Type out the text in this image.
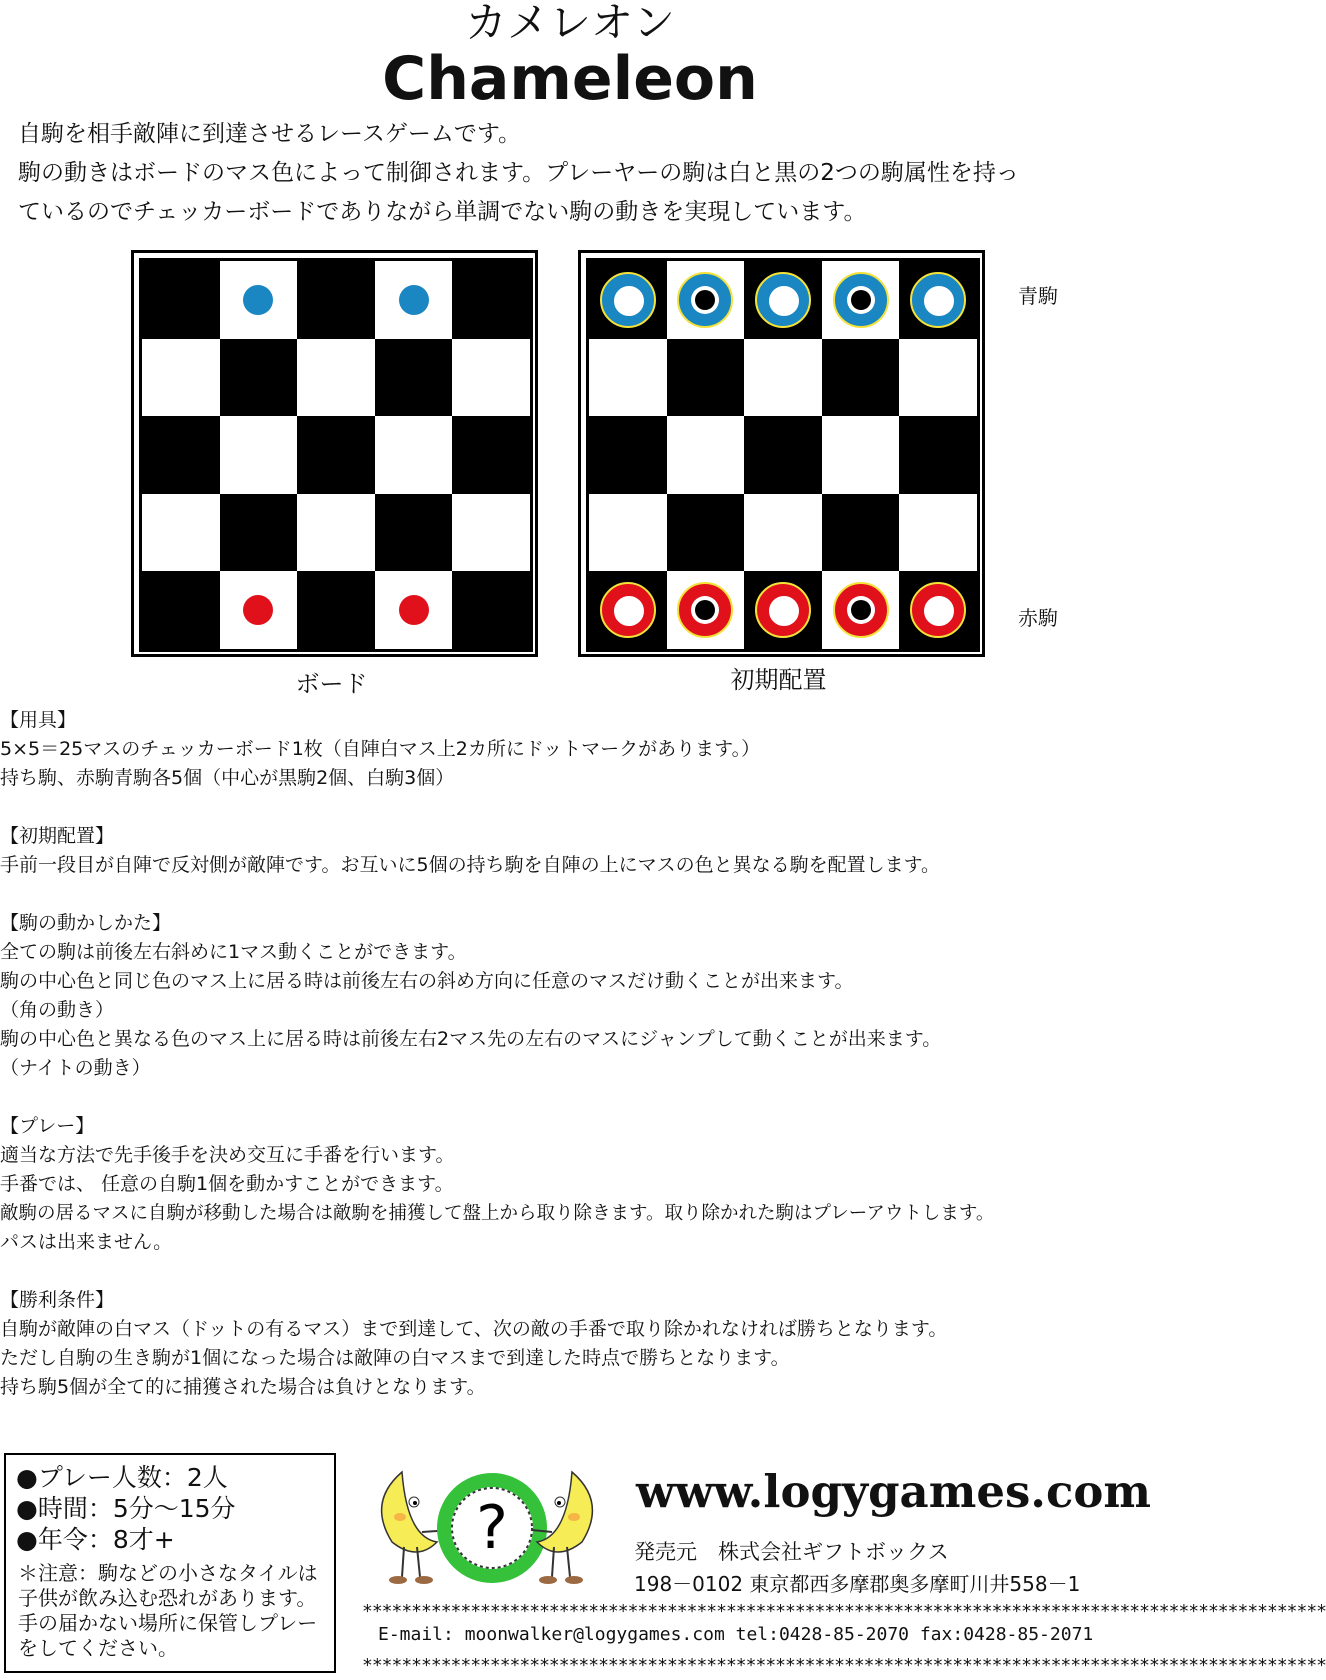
カメレオン
Chameleon
自駒を相手敵陣に到達させるレースゲームです。
駒の動きはボードのマス色によって制御されます。プレーヤーの駒は白と黒の2つの駒属性を持っ
ているのでチェッカーボードでありながら単調でない駒の動きを実現しています。
ボード	初期配置
青駒
赤駒
【用具】
5×5＝25マスのチェッカーボード1枚（自陣白マス上2カ所にドットマークがあります。）
持ち駒、赤駒青駒各5個（中心が黒駒2個、白駒3個）
【初期配置】
手前一段目が自陣で反対側が敵陣です。お互いに5個の持ち駒を自陣の上にマスの色と異なる駒を配置します。
【駒の動かしかた】
全ての駒は前後左右斜めに1マス動くことができます。
駒の中心色と同じ色のマス上に居る時は前後左右の斜め方向に任意のマスだけ動くことが出来ます。
（角の動き）
駒の中心色と異なる色のマス上に居る時は前後左右2マス先の左右のマスにジャンプして動くことが出来ます。
（ナイトの動き）
【プレー】
適当な方法で先手後手を決め交互に手番を行います。
手番では、 任意の自駒1個を動かすことができます。
敵駒の居るマスに自駒が移動した場合は敵駒を捕獲して盤上から取り除きます。取り除かれた駒はプレーアウトします。
パスは出来ません。
【勝利条件】
自駒が敵陣の白マス（ドットの有るマス）まで到達して、次の敵の手番で取り除かれなければ勝ちとなります。
ただし自駒の生き駒が1個になった場合は敵陣の白マスまで到達した時点で勝ちとなります。
持ち駒5個が全て的に捕獲された場合は負けとなります。
●プレー人数：2人
●時間：5分～15分
●年令：8才+
＊注意：駒などの小さなタイルは子供が飲み込む恐れがあります。手の届かない場所に保管しプレーをしてください。
?
www.logygames.com
発売元　株式会社ギフトボックス
198－0102 東京都西多摩郡奥多摩町川井558－1
**************************************************************************************************
E-mail: moonwalker@logygames.com tel:0428-85-2070 fax:0428-85-2071
**************************************************************************************************
